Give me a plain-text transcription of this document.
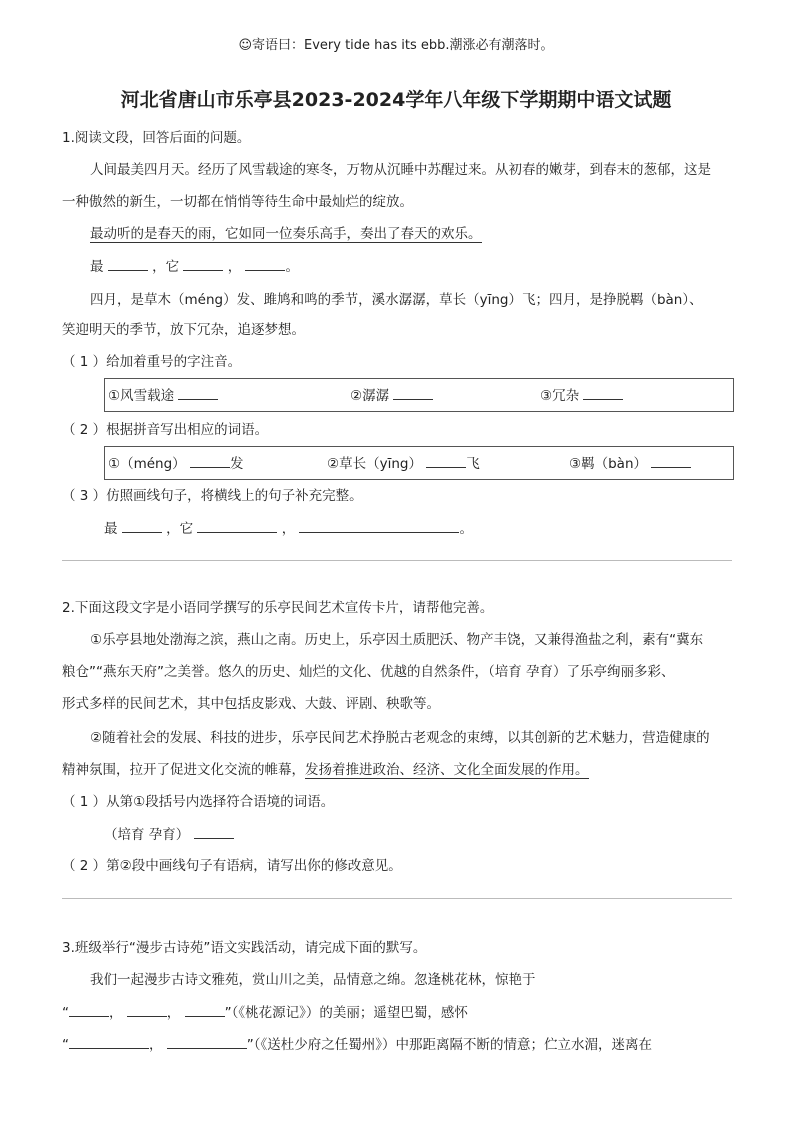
☺寄语曰：Every tide has its ebb.潮涨必有潮落时。
河北省唐山市乐亭县2023-2024学年八年级下学期期中语文试题
1.阅读文段，回答后面的问题。
人间最美四月天。经历了风雪载途的寒冬，万物从沉睡中苏醒过来。从初春的嫩芽，到春末的葱郁，这是
一种傲然的新生，一切都在悄悄等待生命中最灿烂的绽放。
最动听的是春天的雨，它如同一位奏乐高手，奏出了春天的欢乐。
最	，它	，	。
四月，是草木（méng）发、雎鸠和鸣的季节，溪水潺潺，草长（yīng）飞；四月，是挣脱羁（bàn）、
笑迎明天的季节，放下冗杂，追逐梦想。
（ 1 ）给加着重号的字注音。
①风雪载途	②潺潺	③冗杂
（ 2 ）根据拼音写出相应的词语。
①（méng）	发	②草长（yīng）	飞	③羁（bàn）
（ 3 ）仿照画线句子，将横线上的句子补充完整。
最	，它	，	。
2.下面这段文字是小语同学撰写的乐亭民间艺术宣传卡片，请帮他完善。
①乐亭县地处渤海之滨，燕山之南。历史上，乐亭因土质肥沃、物产丰饶，又兼得渔盐之利，素有“冀东
粮仓”“燕东天府”之美誉。悠久的历史、灿烂的文化、优越的自然条件，（培育 孕育）了乐亭绚丽多彩、
形式多样的民间艺术，其中包括皮影戏、大鼓、评剧、秧歌等。
②随着社会的发展、科技的进步，乐亭民间艺术挣脱古老观念的束缚，以其创新的艺术魅力，营造健康的
精神氛围，拉开了促进文化交流的帷幕，发扬着推进政治、经济、文化全面发展的作用。
（ 1 ）从第①段括号内选择符合语境的词语。
（培育 孕育）
（ 2 ）第②段中画线句子有语病，请写出你的修改意见。
3.班级举行“漫步古诗苑”语文实践活动，请完成下面的默写。
我们一起漫步古诗文雅苑，赏山川之美，品情意之绵。忽逢桃花林，惊艳于
“	，	，	”（《桃花源记》）的美丽；遥望巴蜀，感怀
“	，	”（《送杜少府之任蜀州》）中那距离隔不断的情意；伫立水湄，迷离在
